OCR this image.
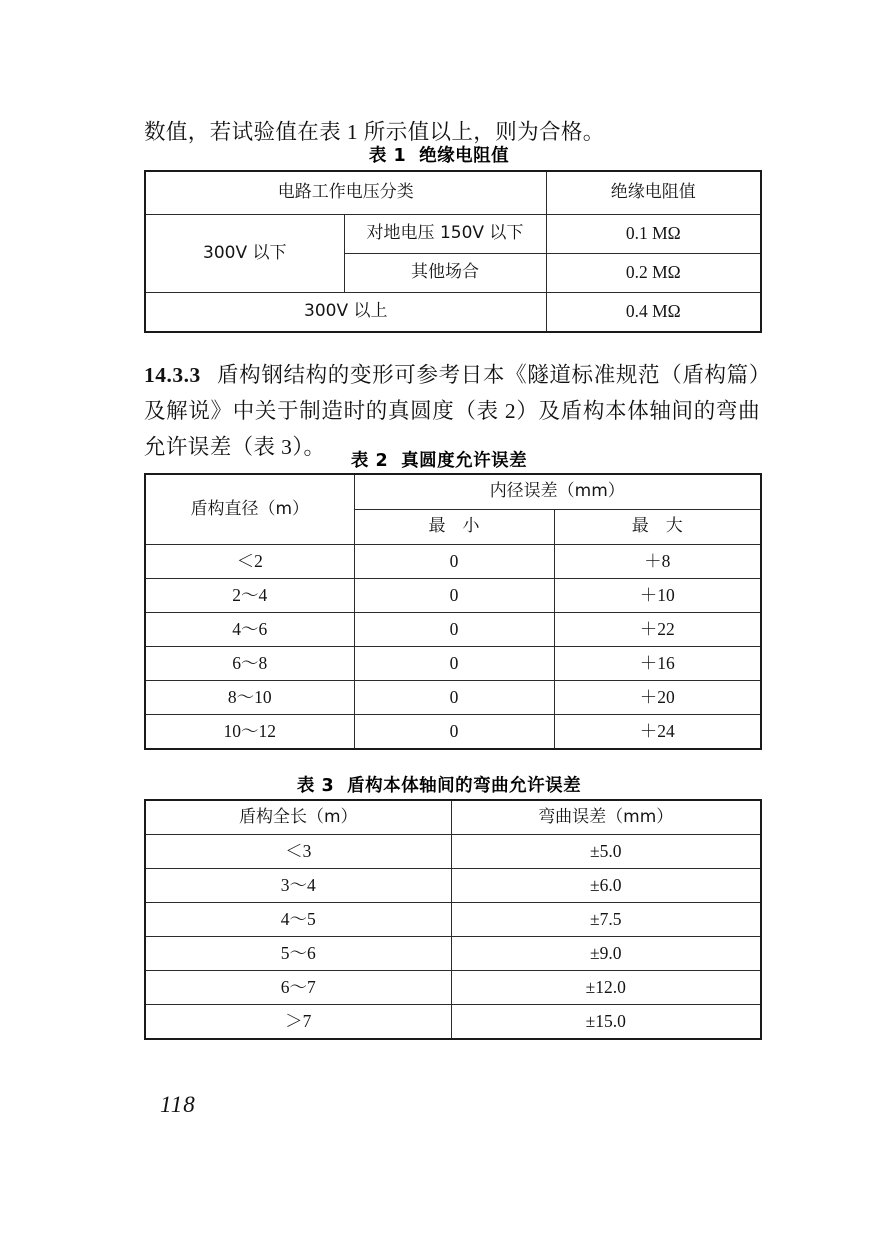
数值，若试验值在表 1 所示值以上，则为合格。

表 1 绝缘电阻值
电路工作电压分类		绝缘电阻值
300V 以下	对地电压 150V 以下	0.1 MΩ
	其他场合	0.2 MΩ
300V 以上		0.4 MΩ

14.3.3 盾构钢结构的变形可参考日本《隧道标准规范（盾构篇）及解说》中关于制造时的真圆度（表 2）及盾构本体轴间的弯曲允许误差（表 3）。

表 2 真圆度允许误差
盾构直径（m）	内径误差（mm）	
	最　小	最　大
＜2	0	＋8
2～4	0	＋10
4～6	0	＋22
6～8	0	＋16
8～10	0	＋20
10～12	0	＋24
表 3 盾构本体轴间的弯曲允许误差
盾构全长（m）	弯曲误差（mm）
＜3	±5.0
3～4	±6.0
4～5	±7.5
5～6	±9.0
6～7	±12.0
＞7	±15.0
118
